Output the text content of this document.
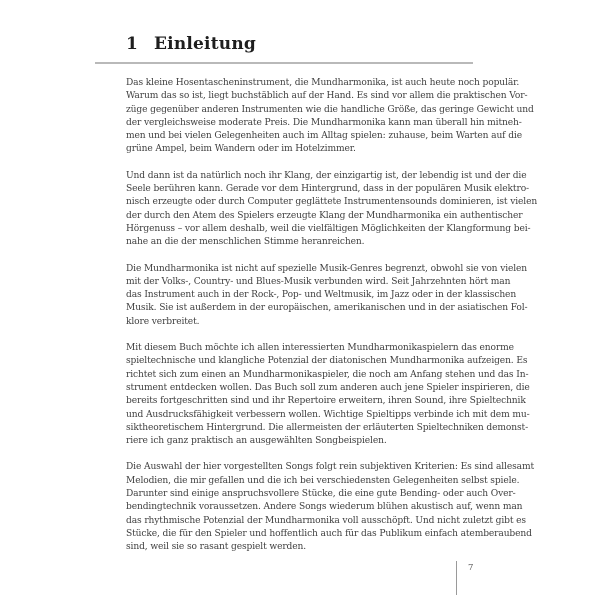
1 Einleitung

Das kleine Hosentascheninstrument, die Mundharmonika, ist auch heute noch populär.
Warum das so ist, liegt buchstäblich auf der Hand. Es sind vor allem die praktischen Vor-
züge gegenüber anderen Instrumenten wie die handliche Größe, das geringe Gewicht und
der vergleichsweise moderate Preis. Die Mundharmonika kann man überall hin mitneh-
men und bei vielen Gelegenheiten auch im Alltag spielen: zuhause, beim Warten auf die
grüne Ampel, beim Wandern oder im Hotelzimmer.

Und dann ist da natürlich noch ihr Klang, der einzigartig ist, der lebendig ist und der die
Seele berühren kann. Gerade vor dem Hintergrund, dass in der populären Musik elektro-
nisch erzeugte oder durch Computer geglättete Instrumentensounds dominieren, ist vielen
der durch den Atem des Spielers erzeugte Klang der Mundharmonika ein authentischer
Hörgenuss – vor allem deshalb, weil die vielfältigen Möglichkeiten der Klangformung bei-
nahe an die der menschlichen Stimme heranreichen.

Die Mundharmonika ist nicht auf spezielle Musik-Genres begrenzt, obwohl sie von vielen
mit der Volks-, Country- und Blues-Musik verbunden wird. Seit Jahrzehnten hört man
das Instrument auch in der Rock-, Pop- und Weltmusik, im Jazz oder in der klassischen
Musik. Sie ist außerdem in der europäischen, amerikanischen und in der asiatischen Fol-
klore verbreitet.

Mit diesem Buch möchte ich allen interessierten Mundharmonikaspielern das enorme
spieltechnische und klangliche Potenzial der diatonischen Mundharmonika aufzeigen. Es
richtet sich zum einen an Mundharmonikaspieler, die noch am Anfang stehen und das In-
strument entdecken wollen. Das Buch soll zum anderen auch jene Spieler inspirieren, die
bereits fortgeschritten sind und ihr Repertoire erweitern, ihren Sound, ihre Spieltechnik
und Ausdrucksfähigkeit verbessern wollen. Wichtige Spieltipps verbinde ich mit dem mu-
siktheoretischem Hintergrund. Die allermeisten der erläuterten Spieltechniken demonst-
riere ich ganz praktisch an ausgewählten Songbeispielen.

Die Auswahl der hier vorgestellten Songs folgt rein subjektiven Kriterien: Es sind allesamt
Melodien, die mir gefallen und die ich bei verschiedensten Gelegenheiten selbst spiele.
Darunter sind einige anspruchsvollere Stücke, die eine gute Bending- oder auch Over-
bendingtechnik voraussetzen. Andere Songs wiederum blühen akustisch auf, wenn man
das rhythmische Potenzial der Mundharmonika voll ausschöpft. Und nicht zuletzt gibt es
Stücke, die für den Spieler und hoffentlich auch für das Publikum einfach atemberaubend
sind, weil sie so rasant gespielt werden.

7
